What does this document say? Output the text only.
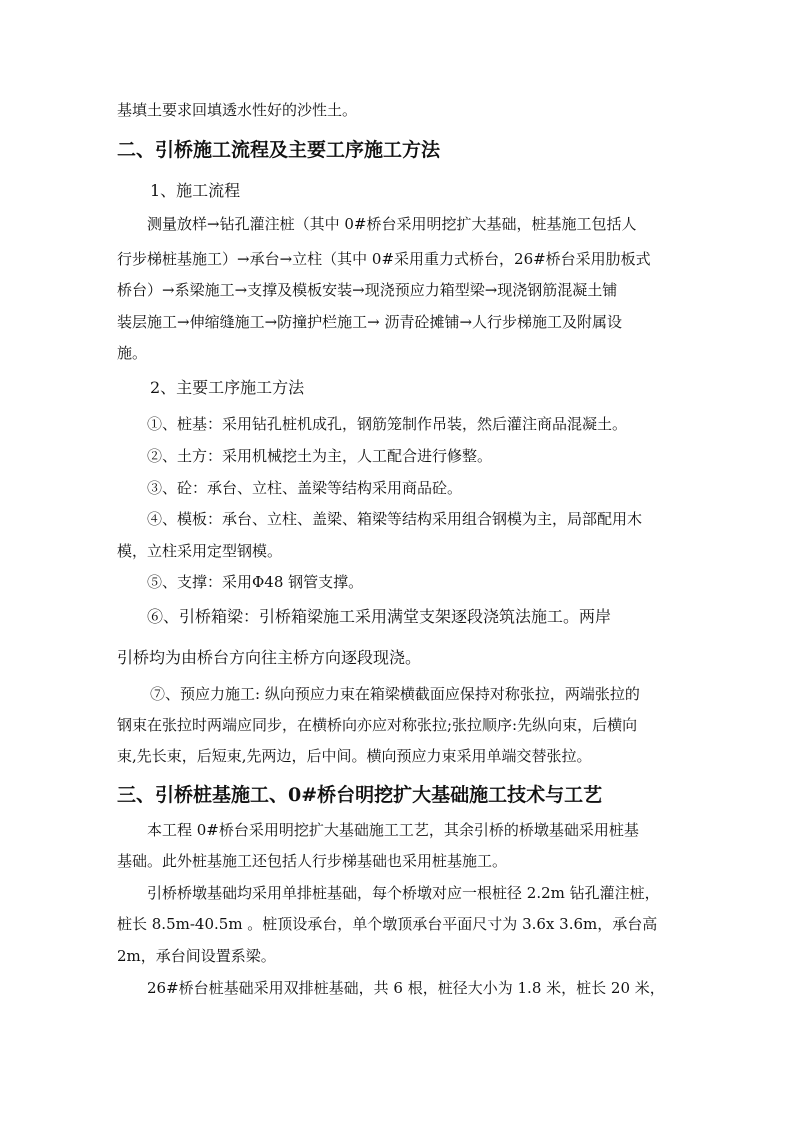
基填土要求回填透水性好的沙性土。
二、引桥施工流程及主要工序施工方法
1、施工流程
测量放样→钻孔灌注桩（其中 0#桥台采用明挖扩大基础，桩基施工包括人
行步梯桩基施工）→承台→立柱（其中 0#采用重力式桥台，26#桥台采用肋板式
桥台）→系梁施工→支撑及模板安装→现浇预应力箱型梁→现浇钢筋混凝土铺
装层施工→伸缩缝施工→防撞护栏施工→ 沥青砼摊铺→人行步梯施工及附属设
施。
2、主要工序施工方法
①、桩基：采用钻孔桩机成孔，钢筋笼制作吊装，然后灌注商品混凝土。
②、土方：采用机械挖土为主，人工配合进行修整。
③、砼：承台、立柱、盖梁等结构采用商品砼。
④、模板：承台、立柱、盖梁、箱梁等结构采用组合钢模为主，局部配用木
模，立柱采用定型钢模。
⑤、支撑：采用Φ48 钢管支撑。
⑥、引桥箱梁：引桥箱梁施工采用满堂支架逐段浇筑法施工。两岸
引桥均为由桥台方向往主桥方向逐段现浇。
⑦、预应力施工: 纵向预应力束在箱梁横截面应保持对称张拉，两端张拉的
钢束在张拉时两端应同步，在横桥向亦应对称张拉;张拉顺序:先纵向束，后横向
束,先长束，后短束,先两边，后中间。横向预应力束采用单端交替张拉。
三、引桥桩基施工、0#桥台明挖扩大基础施工技术与工艺
本工程 0#桥台采用明挖扩大基础施工工艺，其余引桥的桥墩基础采用桩基
基础。此外桩基施工还包括人行步梯基础也采用桩基施工。
引桥桥墩基础均采用单排桩基础，每个桥墩对应一根桩径 2.2m 钻孔灌注桩，
桩长 8.5m-40.5m 。桩顶设承台，单个墩顶承台平面尺寸为 3.6x 3.6m，承台高
2m，承台间设置系梁。
26#桥台桩基础采用双排桩基础，共 6 根，桩径大小为 1.8 米，桩长 20 米，
